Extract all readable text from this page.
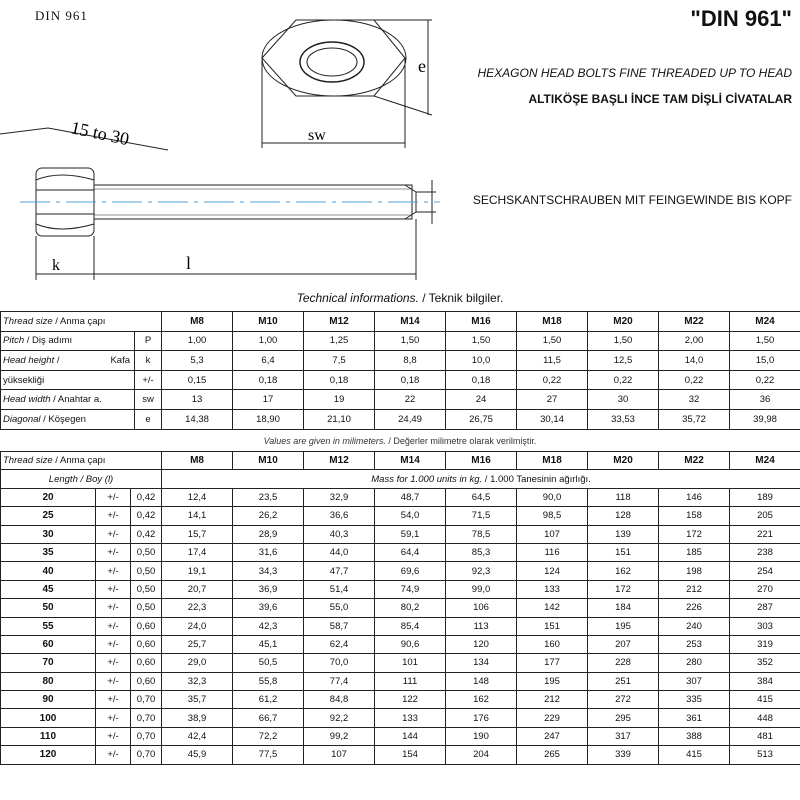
DIN 961	"DIN 961"
HEXAGON HEAD BOLTS FINE THREADED UP TO HEAD
ALTIKÖŞE BAŞLI İNCE TAM DİŞLİ CİVATALAR
SECHSKANTSCHRAUBEN MIT FEINGEWINDE BIS KOPF
e
sw
15 to 30
k	l
Technical informations. / Teknik bilgiler.
Thread size / Anma çapı		M8	M10	M12	M14	M16	M18	M20	M22	M24
Pitch / Diş adımı	P	1,00	1,00	1,25	1,50	1,50	1,50	1,50	2,00	1,50
Head height / Kafa	k	5,3	6,4	7,5	8,8	10,0	11,5	12,5	14,0	15,0
yüksekliği	+/-	0,15	0,18	0,18	0,18	0,18	0,22	0,22	0,22	0,22
Head width / Anahtar a.	sw	13	17	19	22	24	27	30	32	36
Diagonal / Köşegen	e	14,38	18,90	21,10	24,49	26,75	30,14	33,53	35,72	39,98
Values are given in milimeters. / Değerler milimetre olarak verilmiştir.
Thread size / Anma çapı			M8	M10	M12	M14	M16	M18	M20	M22	M24
Length / Boy (l)			Mass for 1.000 units in kg. / 1.000 Tanesinin ağırlığı.								
20	+/-	0,42	12,4	23,5	32,9	48,7	64,5	90,0	118	146	189
25	+/-	0,42	14,1	26,2	36,6	54,0	71,5	98,5	128	158	205
30	+/-	0,42	15,7	28,9	40,3	59,1	78,5	107	139	172	221
35	+/-	0,50	17,4	31,6	44,0	64,4	85,3	116	151	185	238
40	+/-	0,50	19,1	34,3	47,7	69,6	92,3	124	162	198	254
45	+/-	0,50	20,7	36,9	51,4	74,9	99,0	133	172	212	270
50	+/-	0,50	22,3	39,6	55,0	80,2	106	142	184	226	287
55	+/-	0,60	24,0	42,3	58,7	85,4	113	151	195	240	303
60	+/-	0,60	25,7	45,1	62,4	90,6	120	160	207	253	319
70	+/-	0,60	29,0	50,5	70,0	101	134	177	228	280	352
80	+/-	0,60	32,3	55,8	77,4	111	148	195	251	307	384
90	+/-	0,70	35,7	61,2	84,8	122	162	212	272	335	415
100	+/-	0,70	38,9	66,7	92,2	133	176	229	295	361	448
110	+/-	0,70	42,4	72,2	99,2	144	190	247	317	388	481
120	+/-	0,70	45,9	77,5	107	154	204	265	339	415	513
